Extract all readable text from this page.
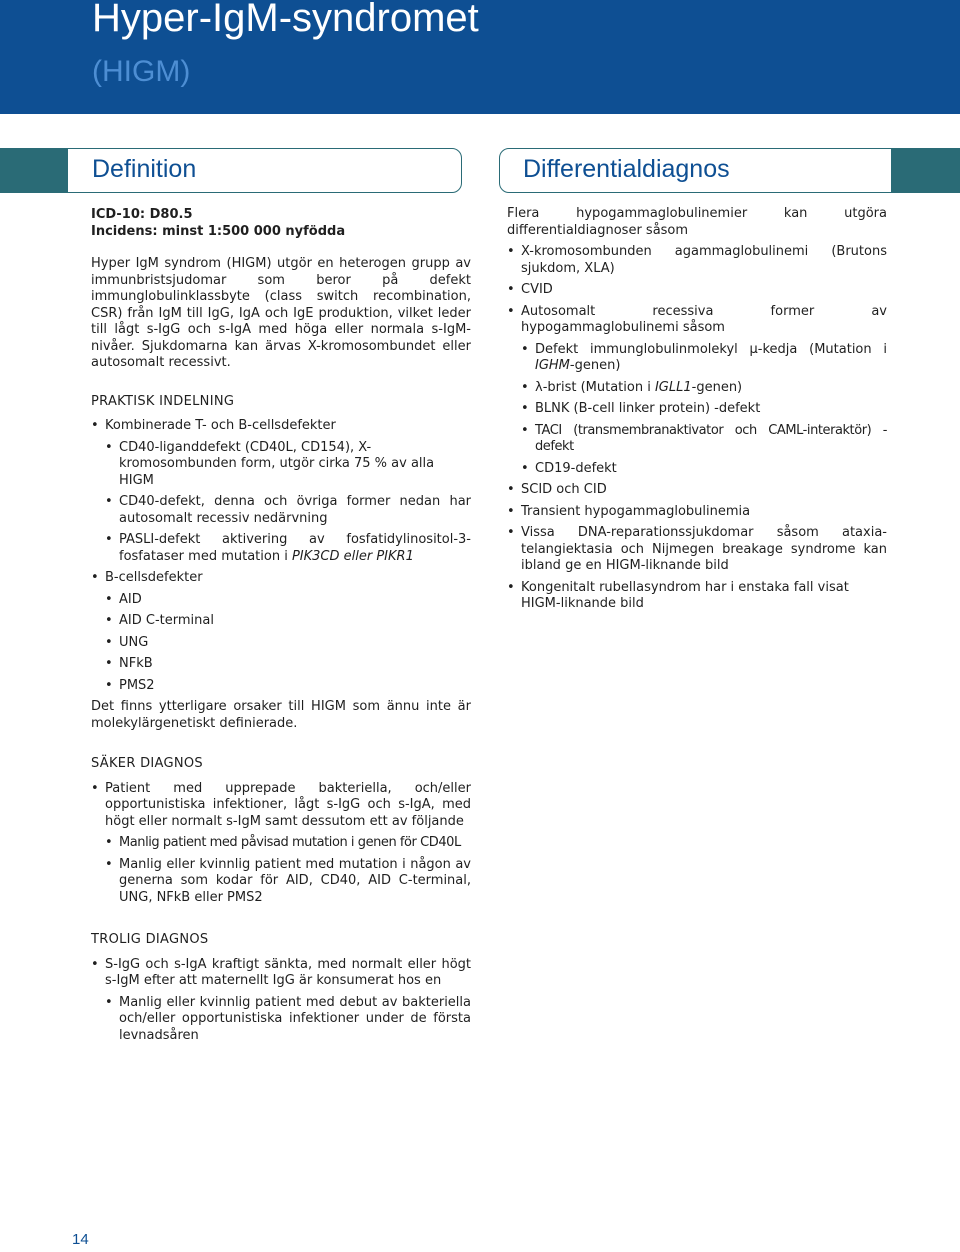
Hyper-IgM-syndromet
(HIGM)
Definition	Differentialdiagnos

ICD-10: D80.5

Incidens: minst 1:500 000 nyfödda

Hyper IgM syndrom (HIGM) utgör en heterogen grupp av immunbristsjudomar som beror på defekt immunglobulinklassbyte (class switch recombination, CSR) från IgM till IgG, IgA och IgE produktion, vilket leder till lågt s-IgG och s-IgA med höga eller normala s-IgM-nivåer. Sjukdomarna kan ärvas X-kromosombundet eller autosomalt recessivt.

PRAKTISK INDELNING

• Kombinerade T- och B-cellsdefekter
• CD40-liganddefekt (CD40L, CD154), X-kromosombunden form, utgör cirka 75 % av alla HIGM
• CD40-defekt, denna och övriga former nedan har autosomalt recessiv nedärvning
• PASLI-defekt aktivering av fosfatidylinositol-3-fosfataser med mutation i PIK3CD eller PIKR1
• B-cellsdefekter
• AID
• AID C-terminal
• UNG
• NFkB
• PMS2

Det finns ytterligare orsaker till HIGM som ännu inte är molekylärgenetiskt definierade.

SÄKER DIAGNOS

• Patient med upprepade bakteriella, och/eller opportunistiska infektioner, lågt s-IgG och s-IgA, med högt eller normalt s-IgM samt dessutom ett av följande
• Manlig patient med påvisad mutation i genen för CD40L
• Manlig eller kvinnlig patient med mutation i någon av generna som kodar för AID, CD40, AID C-terminal, UNG, NFkB eller PMS2

TROLIG DIAGNOS

• S-IgG och s-IgA kraftigt sänkta, med normalt eller högt s-IgM efter att maternellt IgG är konsumerat hos en
• Manlig eller kvinnlig patient med debut av bakteriella och/eller opportunistiska infektioner under de första levnadsåren

Flera hypogammaglobulinemier kan utgöra differentialdiagnoser såsom

• X-kromosombunden agammaglobulinemi (Brutons sjukdom, XLA)
• CVID
• Autosomalt recessiva former av hypogammaglobulinemi såsom
• Defekt immunglobulinmolekyl µ-kedja (Mutation i IGHM-genen)
• λ-brist (Mutation i IGLL1-genen)
• BLNK (B-cell linker protein) -defekt
• TACI (transmembranaktivator och CAML-interaktör) -defekt
• CD19-defekt
• SCID och CID
• Transient hypogammaglobulinemia
• Vissa DNA-reparationssjukdomar såsom ataxia-telangiektasia och Nijmegen breakage syndrome kan ibland ge en HIGM-liknande bild
• Kongenitalt rubellasyndrom har i enstaka fall visat HIGM-liknande bild
14
